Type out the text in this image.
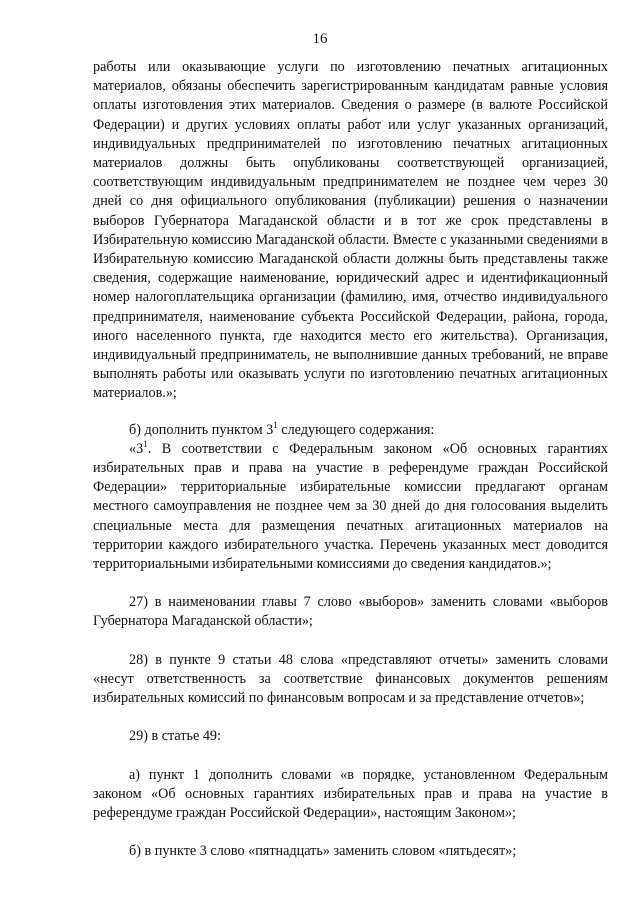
16

работы или оказывающие услуги по изготовлению печатных агитационных материалов, обязаны обеспечить зарегистрированным кандидатам равные условия оплаты изготовления этих материалов. Сведения о размере (в валюте Российской Федерации) и других условиях оплаты работ или услуг указанных организаций, индивидуальных предпринимателей по изготовлению печатных агитационных материалов должны быть опубликованы соответствующей организацией, соответствующим индивидуальным предпринимателем не позднее чем через 30 дней со дня официального опубликования (публикации) решения о назначении выборов Губернатора Магаданской области и в тот же срок представлены в Избирательную комиссию Магаданской области. Вместе с указанными сведениями в Избирательную комиссию Магаданской области должны быть представлены также сведения, содержащие наименование, юридический адрес и идентификационный номер налогоплательщика организации (фамилию, имя, отчество индивидуального предпринимателя, наименование субъекта Российской Федерации, района, города, иного населенного пункта, где находится место его жительства). Организация, индивидуальный предприниматель, не выполнившие данных требований, не вправе выполнять работы или оказывать услуги по изготовлению печатных агитационных материалов.»;

б) дополнить пунктом $3^1$ следующего содержания:

«$3^1$. В соответствии с Федеральным законом «Об основных гарантиях избирательных прав и права на участие в референдуме граждан Российской Федерации» территориальные избирательные комиссии предлагают органам местного самоуправления не позднее чем за 30 дней до дня голосования выделить специальные места для размещения печатных агитационных материалов на территории каждого избирательного участка. Перечень указанных мест доводится территориальными избирательными комиссиями до сведения кандидатов.»;

27) в наименовании главы 7 слово «выборов» заменить словами «выборов Губернатора Магаданской области»;

28) в пункте 9 статьи 48 слова «представляют отчеты» заменить словами «несут ответственность за соответствие финансовых документов решениям избирательных комиссий по финансовым вопросам и за представление отчетов»;

29) в статье 49:

а) пункт 1 дополнить словами «в порядке, установленном Федеральным законом «Об основных гарантиях избирательных прав и права на участие в референдуме граждан Российской Федерации», настоящим Законом»;

б) в пункте 3 слово «пятнадцать» заменить словом «пятьдесят»;
